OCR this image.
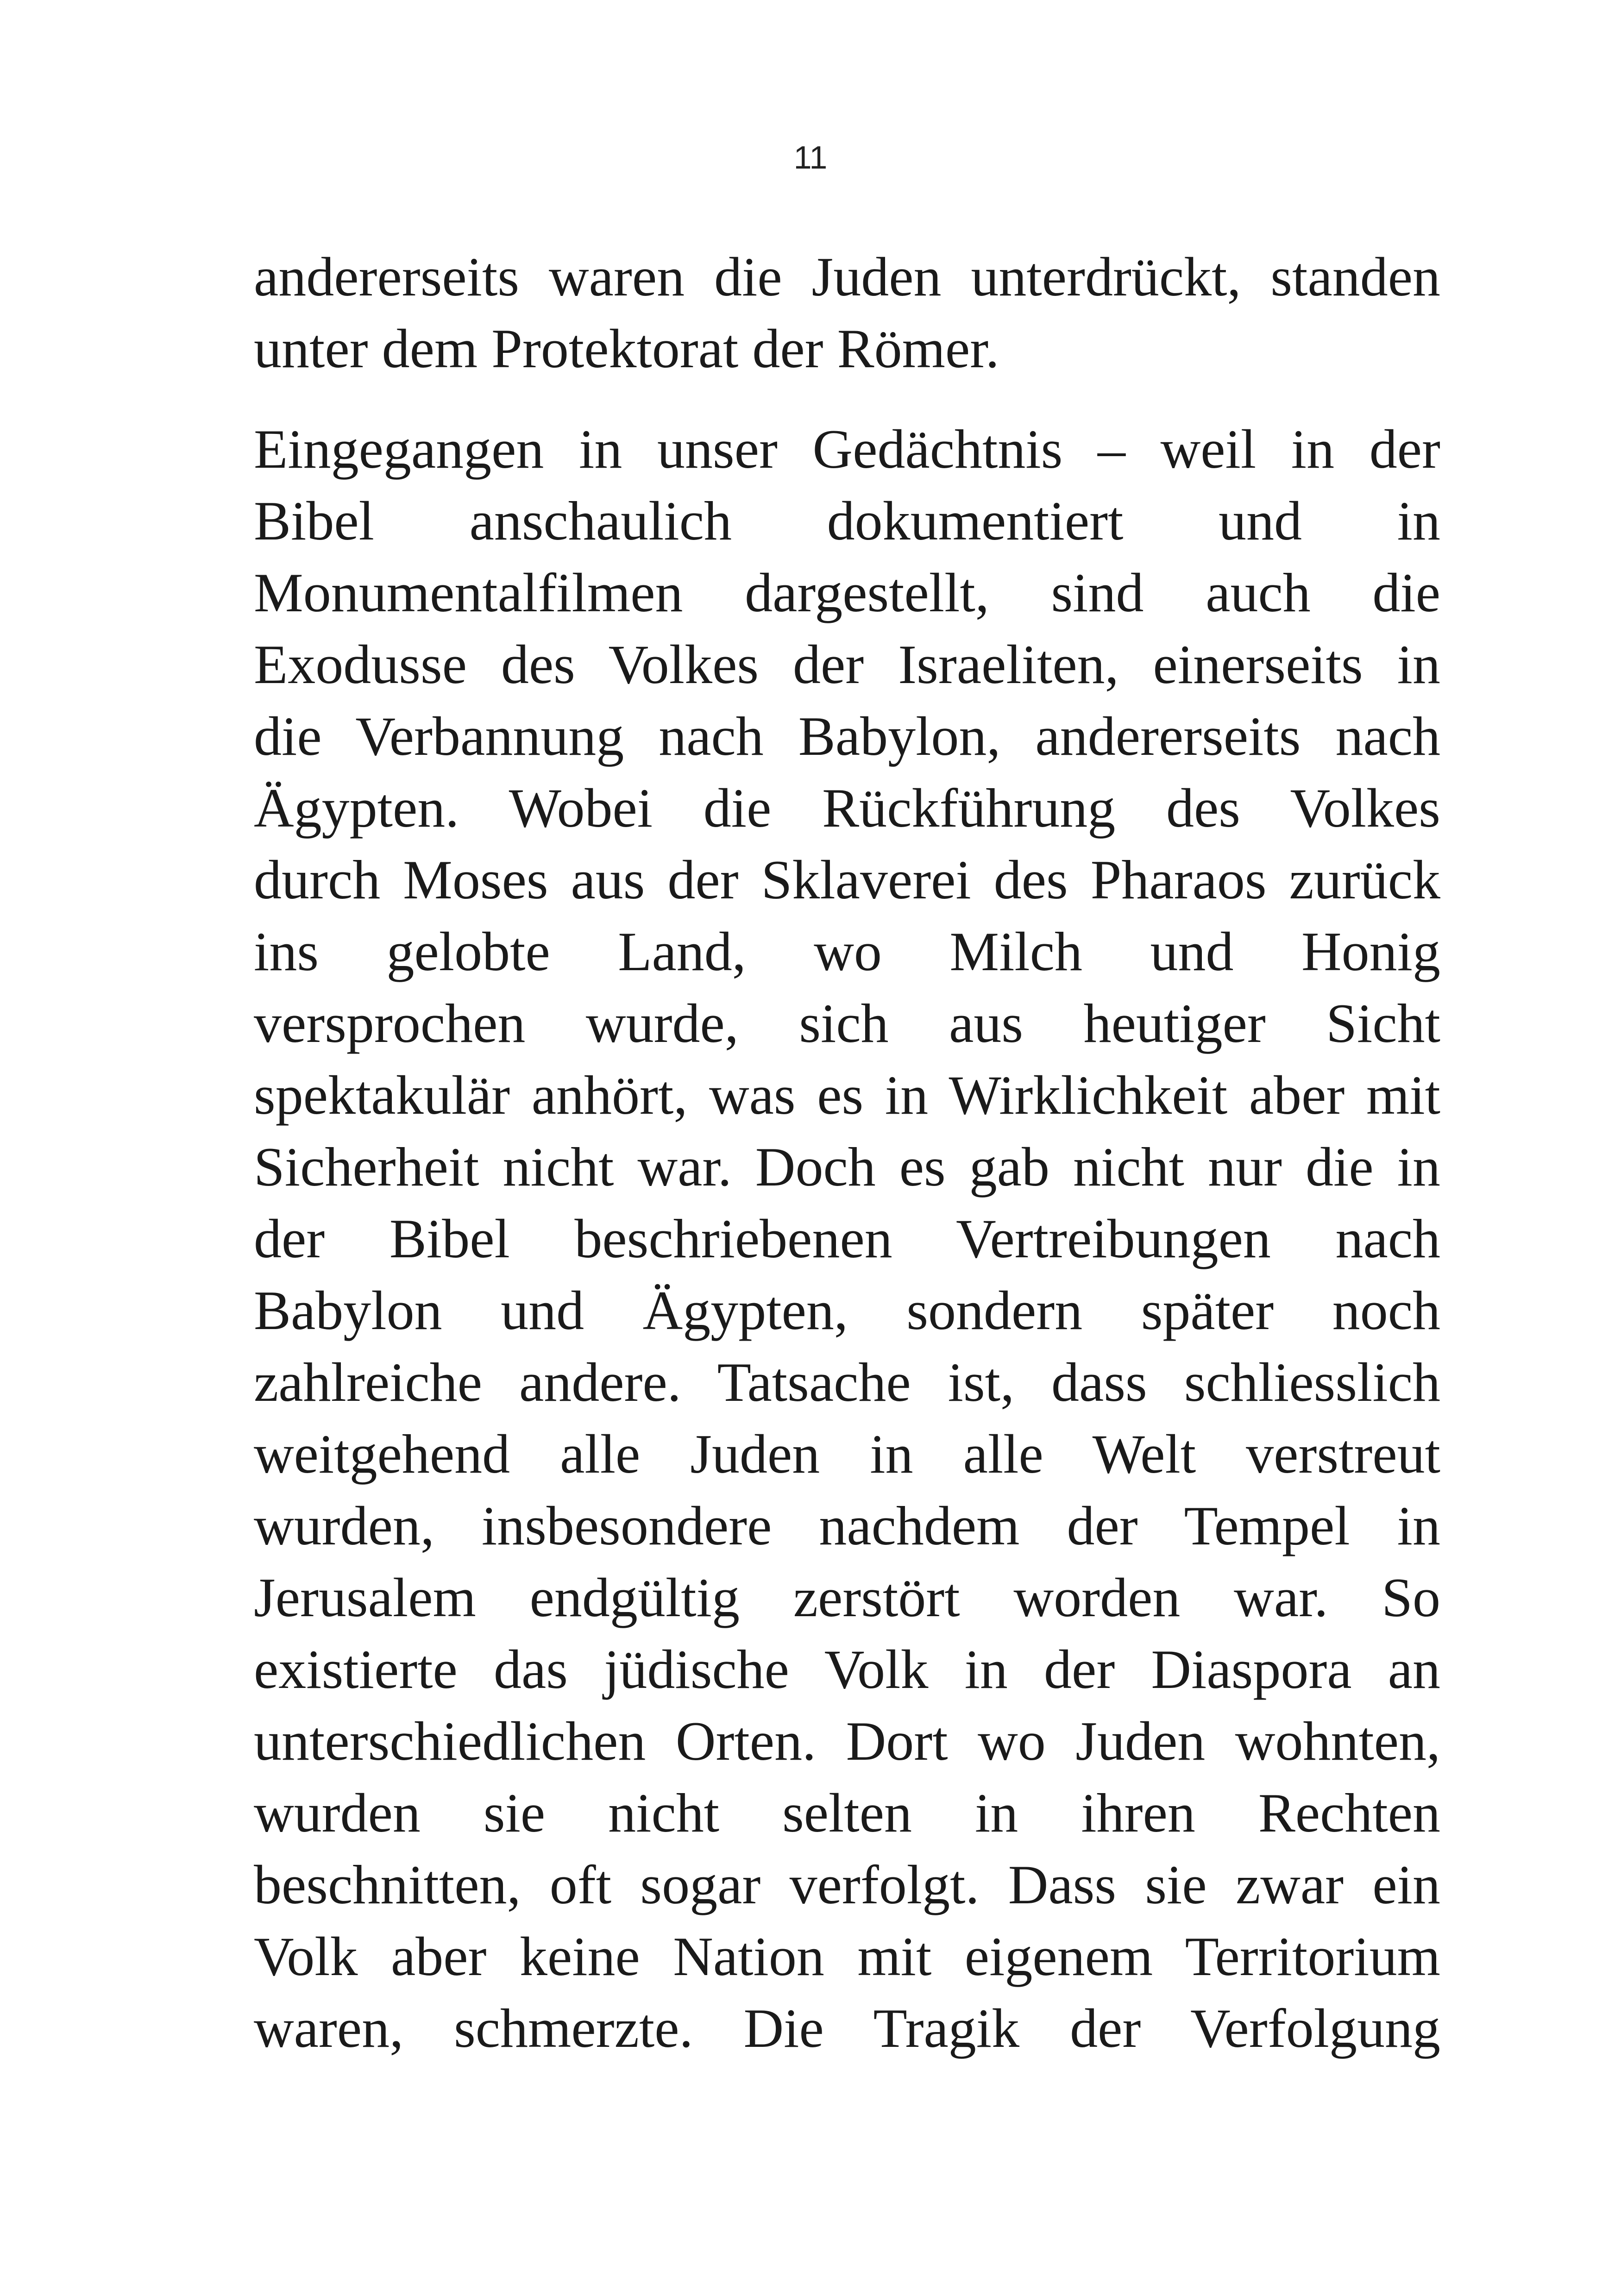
11
andererseits waren die Juden unterdrückt, standen
unter dem Protektorat der Römer.
Eingegangen in unser Gedächtnis – weil in der
Bibel anschaulich dokumentiert und in
Monumentalfilmen dargestellt, sind auch die
Exodusse des Volkes der Israeliten, einerseits in
die Verbannung nach Babylon, andererseits nach
Ägypten. Wobei die Rückführung des Volkes
durch Moses aus der Sklaverei des Pharaos zurück
ins gelobte Land, wo Milch und Honig
versprochen wurde, sich aus heutiger Sicht
spektakulär anhört, was es in Wirklichkeit aber mit
Sicherheit nicht war. Doch es gab nicht nur die in
der Bibel beschriebenen Vertreibungen nach
Babylon und Ägypten, sondern später noch
zahlreiche andere. Tatsache ist, dass schliesslich
weitgehend alle Juden in alle Welt verstreut
wurden, insbesondere nachdem der Tempel in
Jerusalem endgültig zerstört worden war. So
existierte das jüdische Volk in der Diaspora an
unterschiedlichen Orten. Dort wo Juden wohnten,
wurden sie nicht selten in ihren Rechten
beschnitten, oft sogar verfolgt. Dass sie zwar ein
Volk aber keine Nation mit eigenem Territorium
waren, schmerzte. Die Tragik der Verfolgung
